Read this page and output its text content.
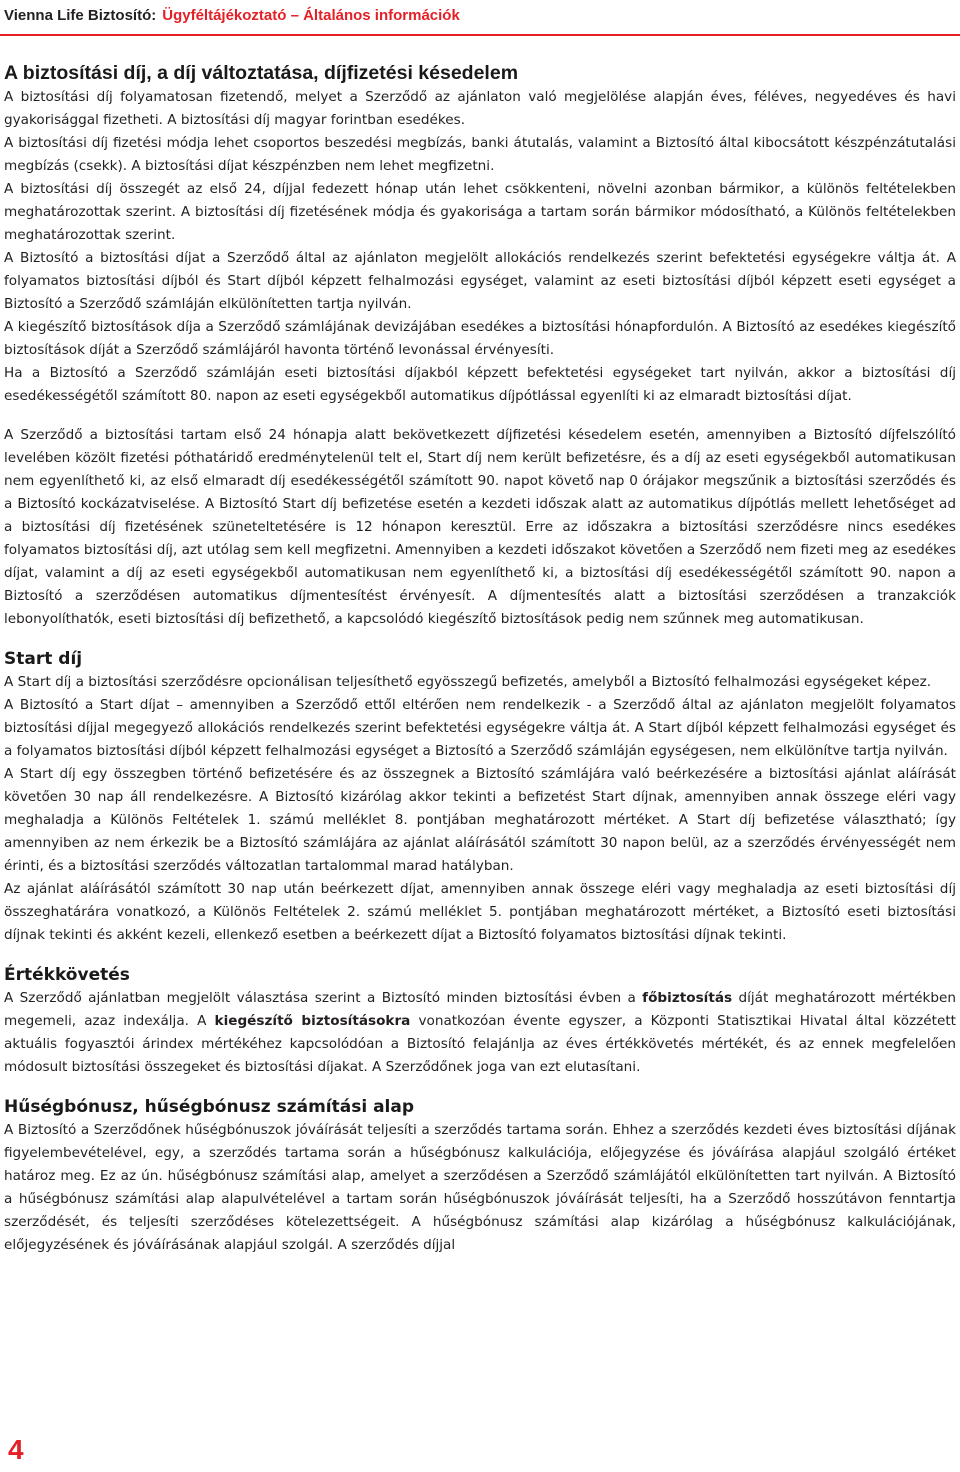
Vienna Life Biztosító: Ügyféltájékoztató – Általános információk
A biztosítási díj, a díj változtatása, díjfizetési késedelem

A biztosítási díj folyamatosan fizetendő, melyet a Szerződő az ajánlaton való megjelölése alapján éves, féléves, negyedéves és havi gyakorisággal fizetheti. A biztosítási díj magyar forintban esedékes.

A biztosítási díj fizetési módja lehet csoportos beszedési megbízás, banki átutalás, valamint a Biztosító által kibocsátott készpénzátutalási megbízás (csekk). A biztosítási díjat készpénzben nem lehet megfizetni.

A biztosítási díj összegét az első 24, díjjal fedezett hónap után lehet csökkenteni, növelni azonban bármikor, a különös feltételekben meghatározottak szerint. A biztosítási díj fizetésének módja és gyakorisága a tartam során bármikor módosítható, a Különös feltételekben meghatározottak szerint.

A Biztosító a biztosítási díjat a Szerződő által az ajánlaton megjelölt allokációs rendelkezés szerint befektetési egységekre váltja át. A folyamatos biztosítási díjból és Start díjból képzett felhalmozási egységet, valamint az eseti biztosítási díjból képzett eseti egységet a Biztosító a Szerződő számláján elkülönítetten tartja nyilván.

A kiegészítő biztosítások díja a Szerződő számlájának devizájában esedékes a biztosítási hónapfordulón. A Biztosító az esedékes kiegészítő biztosítások díját a Szerződő számlájáról havonta történő levonással érvényesíti.

Ha a Biztosító a Szerződő számláján eseti biztosítási díjakból képzett befektetési egységeket tart nyilván, akkor a biztosítási díj esedékességétől számított 80. napon az eseti egységekből automatikus díjpótlással egyenlíti ki az elmaradt biztosítási díjat.

A Szerződő a biztosítási tartam első 24 hónapja alatt bekövetkezett díjfizetési késedelem esetén, amennyiben a Biztosító díjfelszólító levelében közölt fizetési póthatáridő eredménytelenül telt el, Start díj nem került befizetésre, és a díj az eseti egységekből automatikusan nem egyenlíthető ki, az első elmaradt díj esedékességétől számított 90. napot követő nap 0 órájakor megszűnik a biztosítási szerződés és a Biztosító kockázatviselése. A Biztosító Start díj befizetése esetén a kezdeti időszak alatt az automatikus díjpótlás mellett lehetőséget ad a biztosítási díj fizetésének szüneteltetésére is 12 hónapon keresztül. Erre az időszakra a biztosítási szerződésre nincs esedékes folyamatos biztosítási díj, azt utólag sem kell megfizetni. Amennyiben a kezdeti időszakot követően a Szerződő nem fizeti meg az esedékes díjat, valamint a díj az eseti egységekből automatikusan nem egyenlíthető ki, a biztosítási díj esedékességétől számított 90. napon a Biztosító a szerződésen automatikus díjmentesítést érvényesít. A díjmentesítés alatt a biztosítási szerződésen a tranzakciók lebonyolíthatók, eseti biztosítási díj befizethető, a kapcsolódó kiegészítő biztosítások pedig nem szűnnek meg automatikusan.

Start díj

A Start díj a biztosítási szerződésre opcionálisan teljesíthető egyösszegű befizetés, amelyből a Biztosító felhalmozási egységeket képez.

A Biztosító a Start díjat – amennyiben a Szerződő ettől eltérően nem rendelkezik - a Szerződő által az ajánlaton megjelölt folyamatos biztosítási díjjal megegyező allokációs rendelkezés szerint befektetési egységekre váltja át. A Start díjból képzett felhalmozási egységet és a folyamatos biztosítási díjból képzett felhalmozási egységet a Biztosító a Szerződő számláján egységesen, nem elkülönítve tartja nyilván.

A Start díj egy összegben történő befizetésére és az összegnek a Biztosító számlájára való beérkezésére a biztosítási ajánlat aláírását követően 30 nap áll rendelkezésre. A Biztosító kizárólag akkor tekinti a befizetést Start díjnak, amennyiben annak összege eléri vagy meghaladja a Különös Feltételek 1. számú melléklet 8. pontjában meghatározott mértéket. A Start díj befizetése választható; így amennyiben az nem érkezik be a Biztosító számlájára az ajánlat aláírásától számított 30 napon belül, az a szerződés érvényességét nem érinti, és a biztosítási szerződés változatlan tartalommal marad hatályban.

Az ajánlat aláírásától számított 30 nap után beérkezett díjat, amennyiben annak összege eléri vagy meghaladja az eseti biztosítási díj összeghatárára vonatkozó, a Különös Feltételek 2. számú melléklet 5. pontjában meghatározott mértéket, a Biztosító eseti biztosítási díjnak tekinti és akként kezeli, ellenkező esetben a beérkezett díjat a Biztosító folyamatos biztosítási díjnak tekinti.

Értékkövetés

A Szerződő ajánlatban megjelölt választása szerint a Biztosító minden biztosítási évben a főbiztosítás díját meghatározott mértékben megemeli, azaz indexálja. A kiegészítő biztosításokra vonatkozóan évente egyszer, a Központi Statisztikai Hivatal által közzétett aktuális fogyasztói árindex mértékéhez kapcsolódóan a Biztosító felajánlja az éves értékkövetés mértékét, és az ennek megfelelően módosult biztosítási összegeket és biztosítási díjakat. A Szerződőnek joga van ezt elutasítani.

Hűségbónusz, hűségbónusz számítási alap

A Biztosító a Szerződőnek hűségbónuszok jóváírását teljesíti a szerződés tartama során. Ehhez a szerződés kezdeti éves biztosítási díjának figyelembevételével, egy, a szerződés tartama során a hűségbónusz kalkulációja, előjegyzése és jóváírása alapjául szolgáló értéket határoz meg. Ez az ún. hűségbónusz számítási alap, amelyet a szerződésen a Szerződő számlájától elkülönítetten tart nyilván. A Biztosító a hűségbónusz számítási alap alapulvételével a tartam során hűségbónuszok jóváírását teljesíti, ha a Szerződő hosszútávon fenntartja szerződését, és teljesíti szerződéses kötelezettségeit. A hűségbónusz számítási alap kizárólag a hűségbónusz kalkulációjának, előjegyzésének és jóváírásának alapjául szolgál. A szerződés díjjal

4
